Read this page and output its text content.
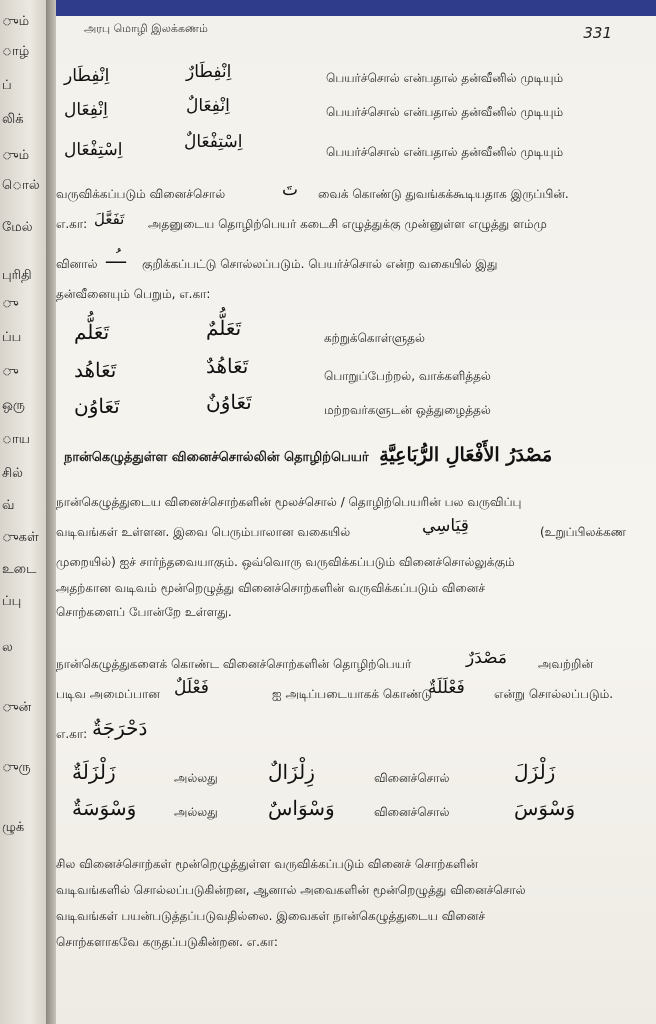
ும்
ாழ்
ப்
லிக்
ும்
ொல்
மேல்
புரிதி
ு
ப்ப
ு
ஒரு
ாய
சில்
வ்
ுகள்
உடை
ப்பு
ல
ுன்
ுரு
ழுக்
அரபு மொழி இலக்கணம்	331
اِنْفِطَار	اِنْفِطَارٌ	பெயர்ச்சொல் என்பதால் தன்வீனில் முடியும்
اِنْفِعَال	اِنْفِعَالٌ	பெயர்ச்சொல் என்பதால் தன்வீனில் முடியும்
اِسْتِفْعَال	اِسْتِفْعَالٌ	பெயர்ச்சொல் என்பதால் தன்வீனில் முடியும்
வருவிக்கப்படும் வினைச்சொல்	تَ வைக் கொண்டு துவங்கக்கூடியதாக இருப்பின்.
எ.கா: تَفَعَّلَ அதனுடைய தொழிற்பெயர் கடைசி எழுத்துக்கு முன்னுள்ள எழுத்து ளம்மு
வினால் ــُــ குறிக்கப்பட்டு சொல்லப்படும். பெயர்ச்சொல் என்ற வகையில் இது
தன்வீனையும் பெறும், எ.கா:
تَعَلُّم	تَعَلُّمٌ	கற்றுக்கொள்ளுதல்
تَعَاهُد	تَعَاهُدٌ	பொறுப்பேற்றல், வாக்களித்தல்
تَعَاوُن	تَعَاوُنٌ	மற்றவர்களுடன் ஒத்துழைத்தல்
நான்கெழுத்துள்ள வினைச்சொல்லின் தொழிற்பெயர் مَصْدَرُ الأَفْعَالِ الرُّبَاعِيَّةِ
நான்கெழுத்துடைய வினைச்சொற்களின் மூலச்சொல் / தொழிற்பெயரின் பல வருவிப்பு
வடிவங்கள் உள்ளன. இவை பெரும்பாலான வகையில்	قِيَاسِي	(உறுப்பிலக்கண
முறையில்) ஐச் சார்ந்தவையாகும். ஒவ்வொரு வருவிக்கப்படும் வினைச்சொல்லுக்கும்
அதற்கான வடிவம் மூன்றெழுத்து வினைச்சொற்களின் வருவிக்கப்படும் வினைச்
சொற்களைப் போன்றே உள்ளது.
நான்கெழுத்துகளைக் கொண்ட வினைச்சொற்களின் தொழிற்பெயர்	مَصْدَرٌ	அவற்றின்
படிவ அமைப்பான فَعْلَلٌ	ஐ அடிப்படையாகக் கொண்டு
فَعْلَلَةٌ என்று சொல்லப்படும்.
எ.கா: دَحْرَجَةٌ
زَلْزَلَةٌ	அல்லது	زِلْزَالٌ	வினைச்சொல்	زَلْزَلَ
وَسْوَسَةٌ	அல்லது	وَسْوَاسٌ	வினைச்சொல்	وَسْوَسَ
சில வினைச்சொற்கள் மூன்றெழுத்துள்ள வருவிக்கப்படும் வினைச் சொற்களின்
வடிவங்களில் சொல்லப்படுகின்றன, ஆனால் அவைகளின் மூன்றெழுத்து வினைச்சொல்
வடிவங்கள் பயன்படுத்தப்படுவதில்லை. இவைகள் நான்கெழுத்துடைய வினைச்
சொற்களாகவே கருதப்படுகின்றன. எ.கா:
